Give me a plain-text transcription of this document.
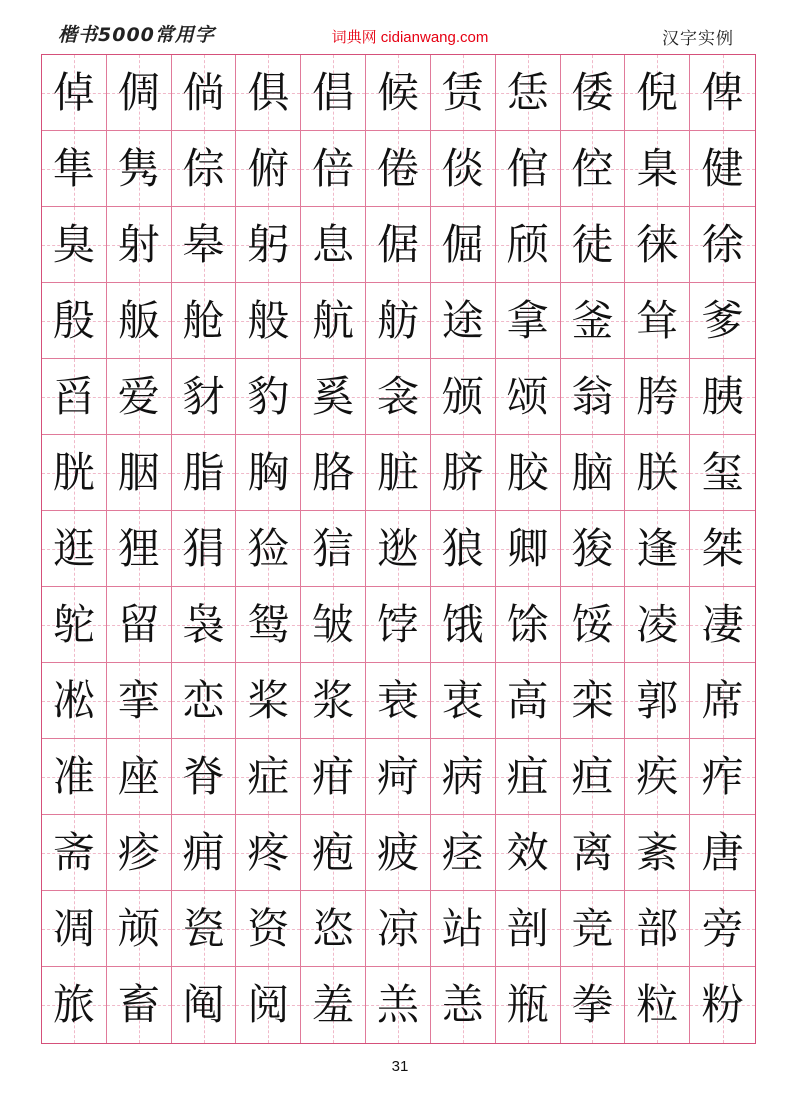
楷书5000常用字	词典网 cidianwang.com	汉字实例
倬 倜 倘 俱 倡 候 赁 恁 倭 倪 俾
隼 隽 倧 俯 倍 倦 倓 倌 倥 臬 健
臭 射 皋 躬 息 倨 倔 颀 徒 徕 徐
殷 舨 舱 般 航 舫 途 拿 釜 耸 爹
舀 爱 豺 豹 奚 衾 颁 颂 翁 胯 胰
胱 胭 脂 胸 胳 脏 脐 胶 脑 朕 玺
逛 狸 狷 猃 狺 逖 狼 卿 狻 逢 桀
鸵 留 袅 鸳 皱 饽 饿 馀 馁 凌 凄
凇 挛 恋 桨 浆 衰 衷 高 栾 郭 席
准 座 脊 症 疳 疴 病 疽 疸 疾 痄
斋 疹 痈 疼 疱 疲 痉 效 离 紊 唐
凋 颃 瓷 资 恣 凉 站 剖 竞 部 旁
旅 畜 阄 阅 羞 羔 恙 瓶 拳 粒 粉
31
